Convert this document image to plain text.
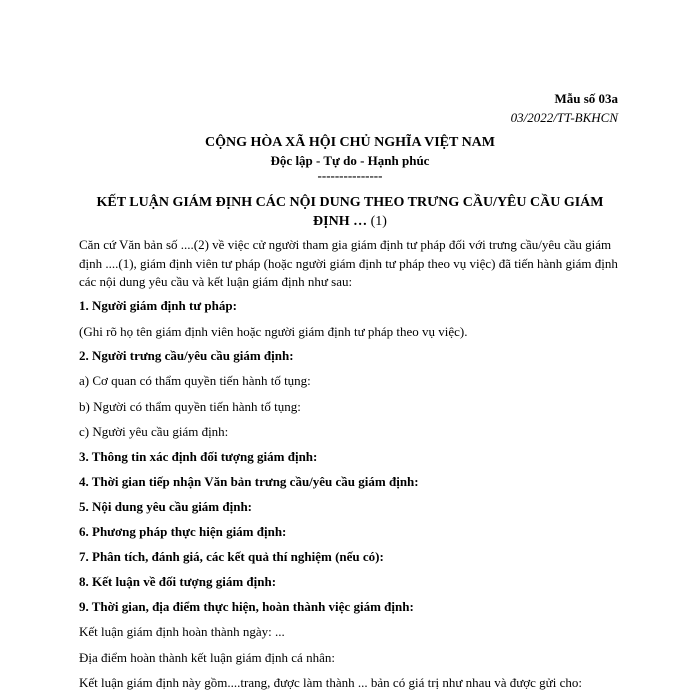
Mẫu số 03a
03/2022/TT-BKHCN
CỘNG HÒA XÃ HỘI CHỦ NGHĨA VIỆT NAM
Độc lập - Tự do - Hạnh phúc
---------------
KẾT LUẬN GIÁM ĐỊNH CÁC NỘI DUNG THEO TRƯNG CẦU/YÊU CẦU GIÁM ĐỊNH … (1)
Căn cứ Văn bản số ....(2) về việc cử người tham gia giám định tư pháp đối với trưng cầu/yêu cầu giám định ....(1), giám định viên tư pháp (hoặc người giám định tư pháp theo vụ việc) đã tiến hành giám định các nội dung yêu cầu và kết luận giám định như sau:
1. Người giám định tư pháp:
(Ghi rõ họ tên giám định viên hoặc người giám định tư pháp theo vụ việc).
2. Người trưng cầu/yêu cầu giám định:
a) Cơ quan có thẩm quyền tiến hành tố tụng:
b) Người có thẩm quyền tiến hành tố tụng:
c) Người yêu cầu giám định:
3. Thông tin xác định đối tượng giám định:
4. Thời gian tiếp nhận Văn bản trưng cầu/yêu cầu giám định:
5. Nội dung yêu cầu giám định:
6. Phương pháp thực hiện giám định:
7. Phân tích, đánh giá, các kết quả thí nghiệm (nếu có):
8. Kết luận về đối tượng giám định:
9. Thời gian, địa điểm thực hiện, hoàn thành việc giám định:
Kết luận giám định hoàn thành ngày: ...
Địa điểm hoàn thành kết luận giám định cá nhân:
Kết luận giám định này gồm....trang, được làm thành ... bản có giá trị như nhau và được gửi cho:
